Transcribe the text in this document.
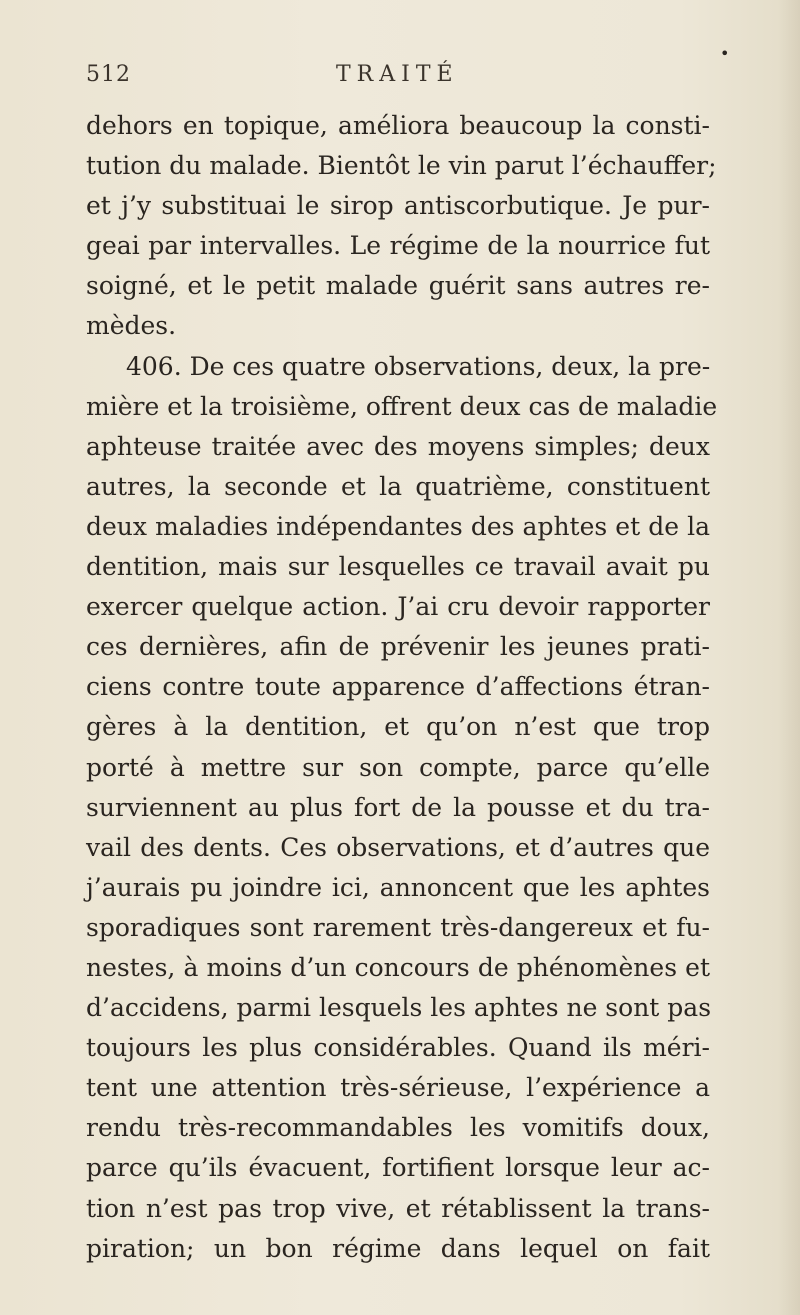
512	TRAITÉ
•
dehors en topique, améliora beaucoup la consti-
tution du malade. Bientôt le vin parut l’échauffer;
et j’y substituai le sirop antiscorbutique. Je pur-
geai par intervalles. Le régime de la nourrice fut
soigné, et le petit malade guérit sans autres re-
mèdes.
406. De ces quatre observations, deux, la pre-
mière et la troisième, offrent deux cas de maladie
aphteuse traitée avec des moyens simples; deux
autres, la seconde et la quatrième, constituent
deux maladies indépendantes des aphtes et de la
dentition, mais sur lesquelles ce travail avait pu
exercer quelque action. J’ai cru devoir rapporter
ces dernières, afin de prévenir les jeunes prati-
ciens contre toute apparence d’affections étran-
gères à la dentition, et qu’on n’est que trop
porté à mettre sur son compte, parce qu’elle
surviennent au plus fort de la pousse et du tra-
vail des dents. Ces observations, et d’autres que
j’aurais pu joindre ici, annoncent que les aphtes
sporadiques sont rarement très-dangereux et fu-
nestes, à moins d’un concours de phénomènes et
d’accidens, parmi lesquels les aphtes ne sont pas
toujours les plus considérables. Quand ils méri-
tent une attention très-sérieuse, l’expérience a
rendu très-recommandables les vomitifs doux,
parce qu’ils évacuent, fortifient lorsque leur ac-
tion n’est pas trop vive, et rétablissent la trans-
piration; un bon régime dans lequel on fait
